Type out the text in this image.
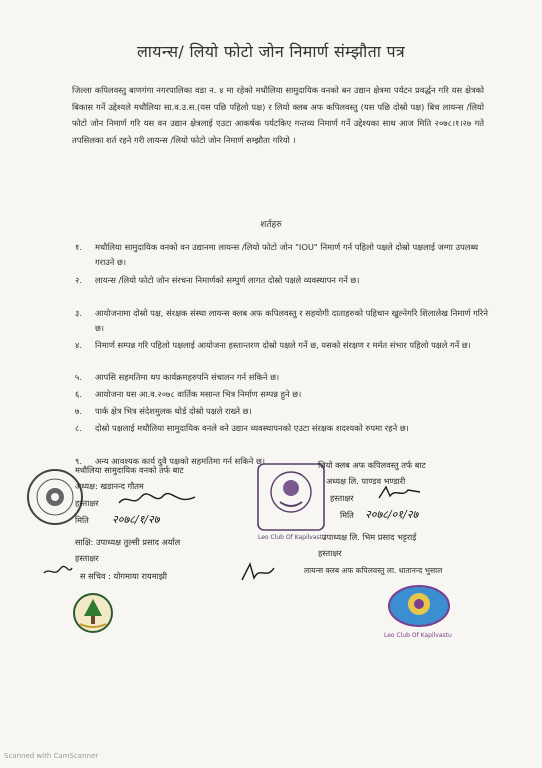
लायन्स/ लियो फोटो जोन निमार्ण संम्झौता पत्र
जिल्ला कपिलवस्तु बाणगंगा नगरपालिका वडा न. ४ मा रहेको मधौलिया सामुदायिक वनको बन उद्यान क्षेत्रमा पर्यटन प्रवर्द्धन गरि यस क्षेत्रको बिकास गर्ने उद्देश्यले मधौलिया सा.व.उ.स.(यस पछि पहिलो पक्ष) र लियो क्लब अफ कपिलवस्तु (यस पछि दोस्रो पक्ष) बिच लायन्स /लियो फोटो जोन निमार्ण गरि यस वन उद्यान क्षेत्रलाई एउटा आकर्षक पर्यटकिए गन्तव्य निमार्ण गर्ने उद्देश्यका साथ आज मिति २०७८।१।२७ गते तपसिलका शर्त रहने गरी लायन्स /लियो फोटो जोन निमार्ण सम्झौता गरियो ।
शर्तहरु
१.	मधौलिया सामुदायिक वनको वन उद्यानमा लायन्स /लियो फोटो जोन "IOU" निमार्ण गर्न पहिलो पक्षले दोस्रो पक्षलाई जग्गा उपलब्ध गराउने छ।
२.	लायन्स /लियो फोटो जोन संरचना निमार्णको सम्पुर्ण लागत दोस्रो पक्षले व्यवस्थापन गर्ने छ।
३.	आयोजनामा दोस्रो पक्ष, संरक्षक संस्था लायन्स क्लब अफ कपिलवस्तु र सहयोगी दाताहरुको पहिचान खुल्नेगरि शिलालेख निमार्ण गरिने छ।
४.	निमार्ण सम्पन्न गरि पहिलो पक्षलाई आयोजना हस्तान्तरण दोस्रो पक्षले गर्ने छ, यसको संरक्षण र मर्मत संभार पहिलो पक्षले गर्ने छ।
५.	आपसि सहमतिमा थप कार्यक्रमहरुपनि संचालन गर्न सकिने छ।
६.	आयोजना यस आ.व.२०७८ वार्तिक मसान्त भित्र निर्माण सम्पन्न हुने छ।
७.	पार्क क्षेत्र भित्र संदेशमुलक थोर्ड दोस्रो पक्षले राख्ने छ।
८.	दोस्रो पक्षलाई मधौलिया सामुदायिक वनले वने उद्यान व्यवस्थापनको एउटा संरक्षक शदश्यको रुपमा रहने छ।
९.	अन्य आवश्यक कार्य दुवै पक्षको सहमतिमा गर्न सकिने छ।
मधौलिया सामुदायिक वनको तर्फ बाट
अध्यक्ष: खडानन्द गौतम
हस्ताक्षर
मिति २०७८/१/२७
साक्षि: उपाध्यक्ष तुल्सी प्रसाद अर्याल
हस्ताक्षर
स सचिव : योगमाया रायमाझी
Leo Club Of Kapilvastu
लियो क्लब अफ कपिलवस्तु तर्फ बाट
अध्यक्ष लि. पाण्डव भण्डारी
हस्ताक्षर
मिति २०७८/०१/२७
उपाध्यक्ष लि. भिम प्रसाद भट्टराई
हस्ताक्षर
लायन्स क्लब अफ कपिलवस्तु ला. धातानन्द भुसाल
Leo Club Of Kapilvastu
Scanned with CamScanner
